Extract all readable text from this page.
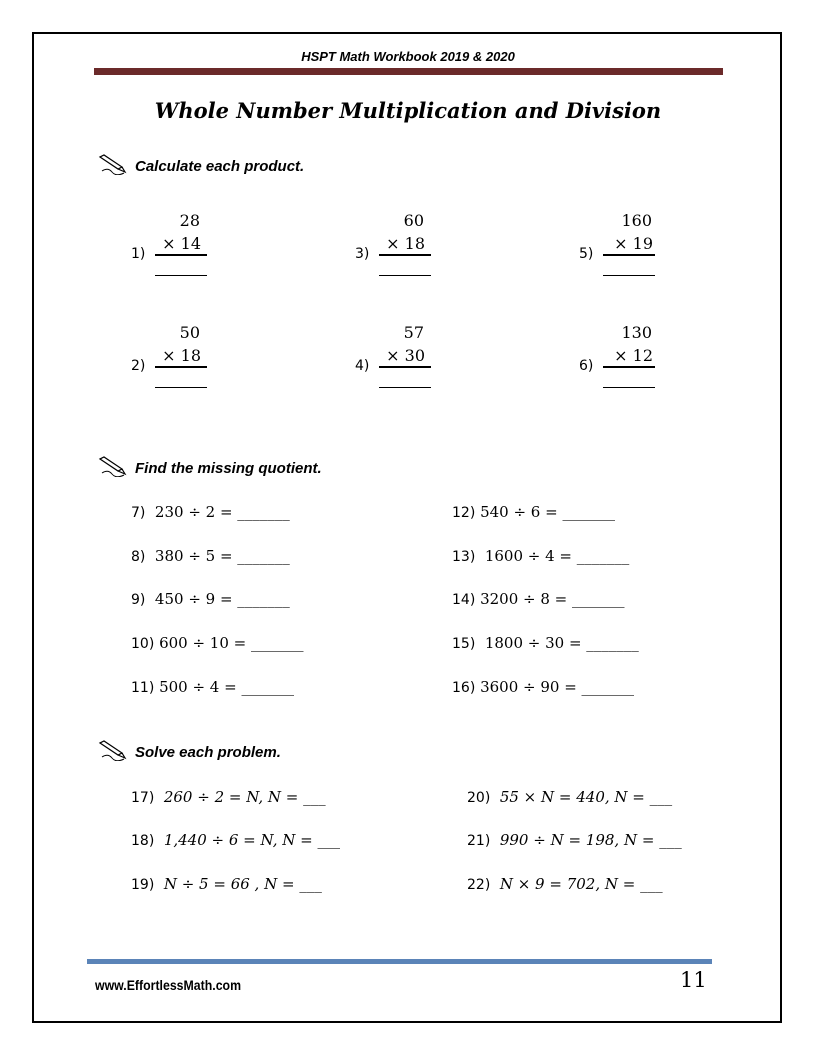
HSPT Math Workbook 2019 & 2020
Whole Number Multiplication and Division
Calculate each product.
1)
28
× 14
2)
50
× 18
3)
60
× 18
4)
57
× 30
5)
160
× 19
6)
130
× 12
Find the missing quotient.
7) 230 ÷ 2 = _______
8) 380 ÷ 5 = _______
9) 450 ÷ 9 = _______
10) 600 ÷ 10 = _______
11) 500 ÷ 4 = _______
12) 540 ÷ 6 = _______
13) 1600 ÷ 4 = _______
14) 3200 ÷ 8 = _______
15) 1800 ÷ 30 = _______
16) 3600 ÷ 90 = _______
Solve each problem.
17) 260 ÷ 2 = N, N = ___
18) 1,440 ÷ 6 = N, N = ___
19) N ÷ 5 = 66 , N = ___
20) 55 × N = 440, N = ___
21) 990 ÷ N = 198, N = ___
22) N × 9 = 702, N = ___
www.EffortlessMath.com	11
